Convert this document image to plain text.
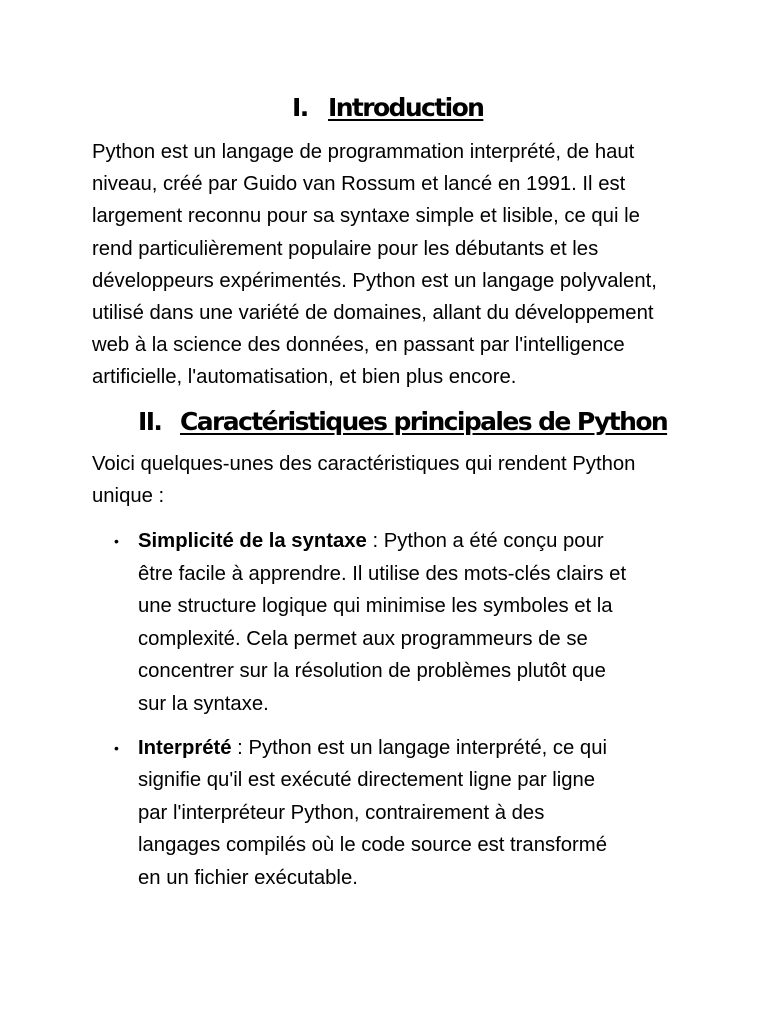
I. Introduction

Python est un langage de programmation interprété, de haut niveau, créé par Guido van Rossum et lancé en 1991. Il est largement reconnu pour sa syntaxe simple et lisible, ce qui le rend particulièrement populaire pour les débutants et les développeurs expérimentés. Python est un langage polyvalent, utilisé dans une variété de domaines, allant du développement web à la science des données, en passant par l'intelligence artificielle, l'automatisation, et bien plus encore.

II. Caractéristiques principales de Python

Voici quelques-unes des caractéristiques qui rendent Python unique :

• Simplicité de la syntaxe : Python a été conçu pour être facile à apprendre. Il utilise des mots-clés clairs et une structure logique qui minimise les symboles et la complexité. Cela permet aux programmeurs de se concentrer sur la résolution de problèmes plutôt que sur la syntaxe.
• Interprété : Python est un langage interprété, ce qui signifie qu'il est exécuté directement ligne par ligne par l'interpréteur Python, contrairement à des langages compilés où le code source est transformé en un fichier exécutable.
